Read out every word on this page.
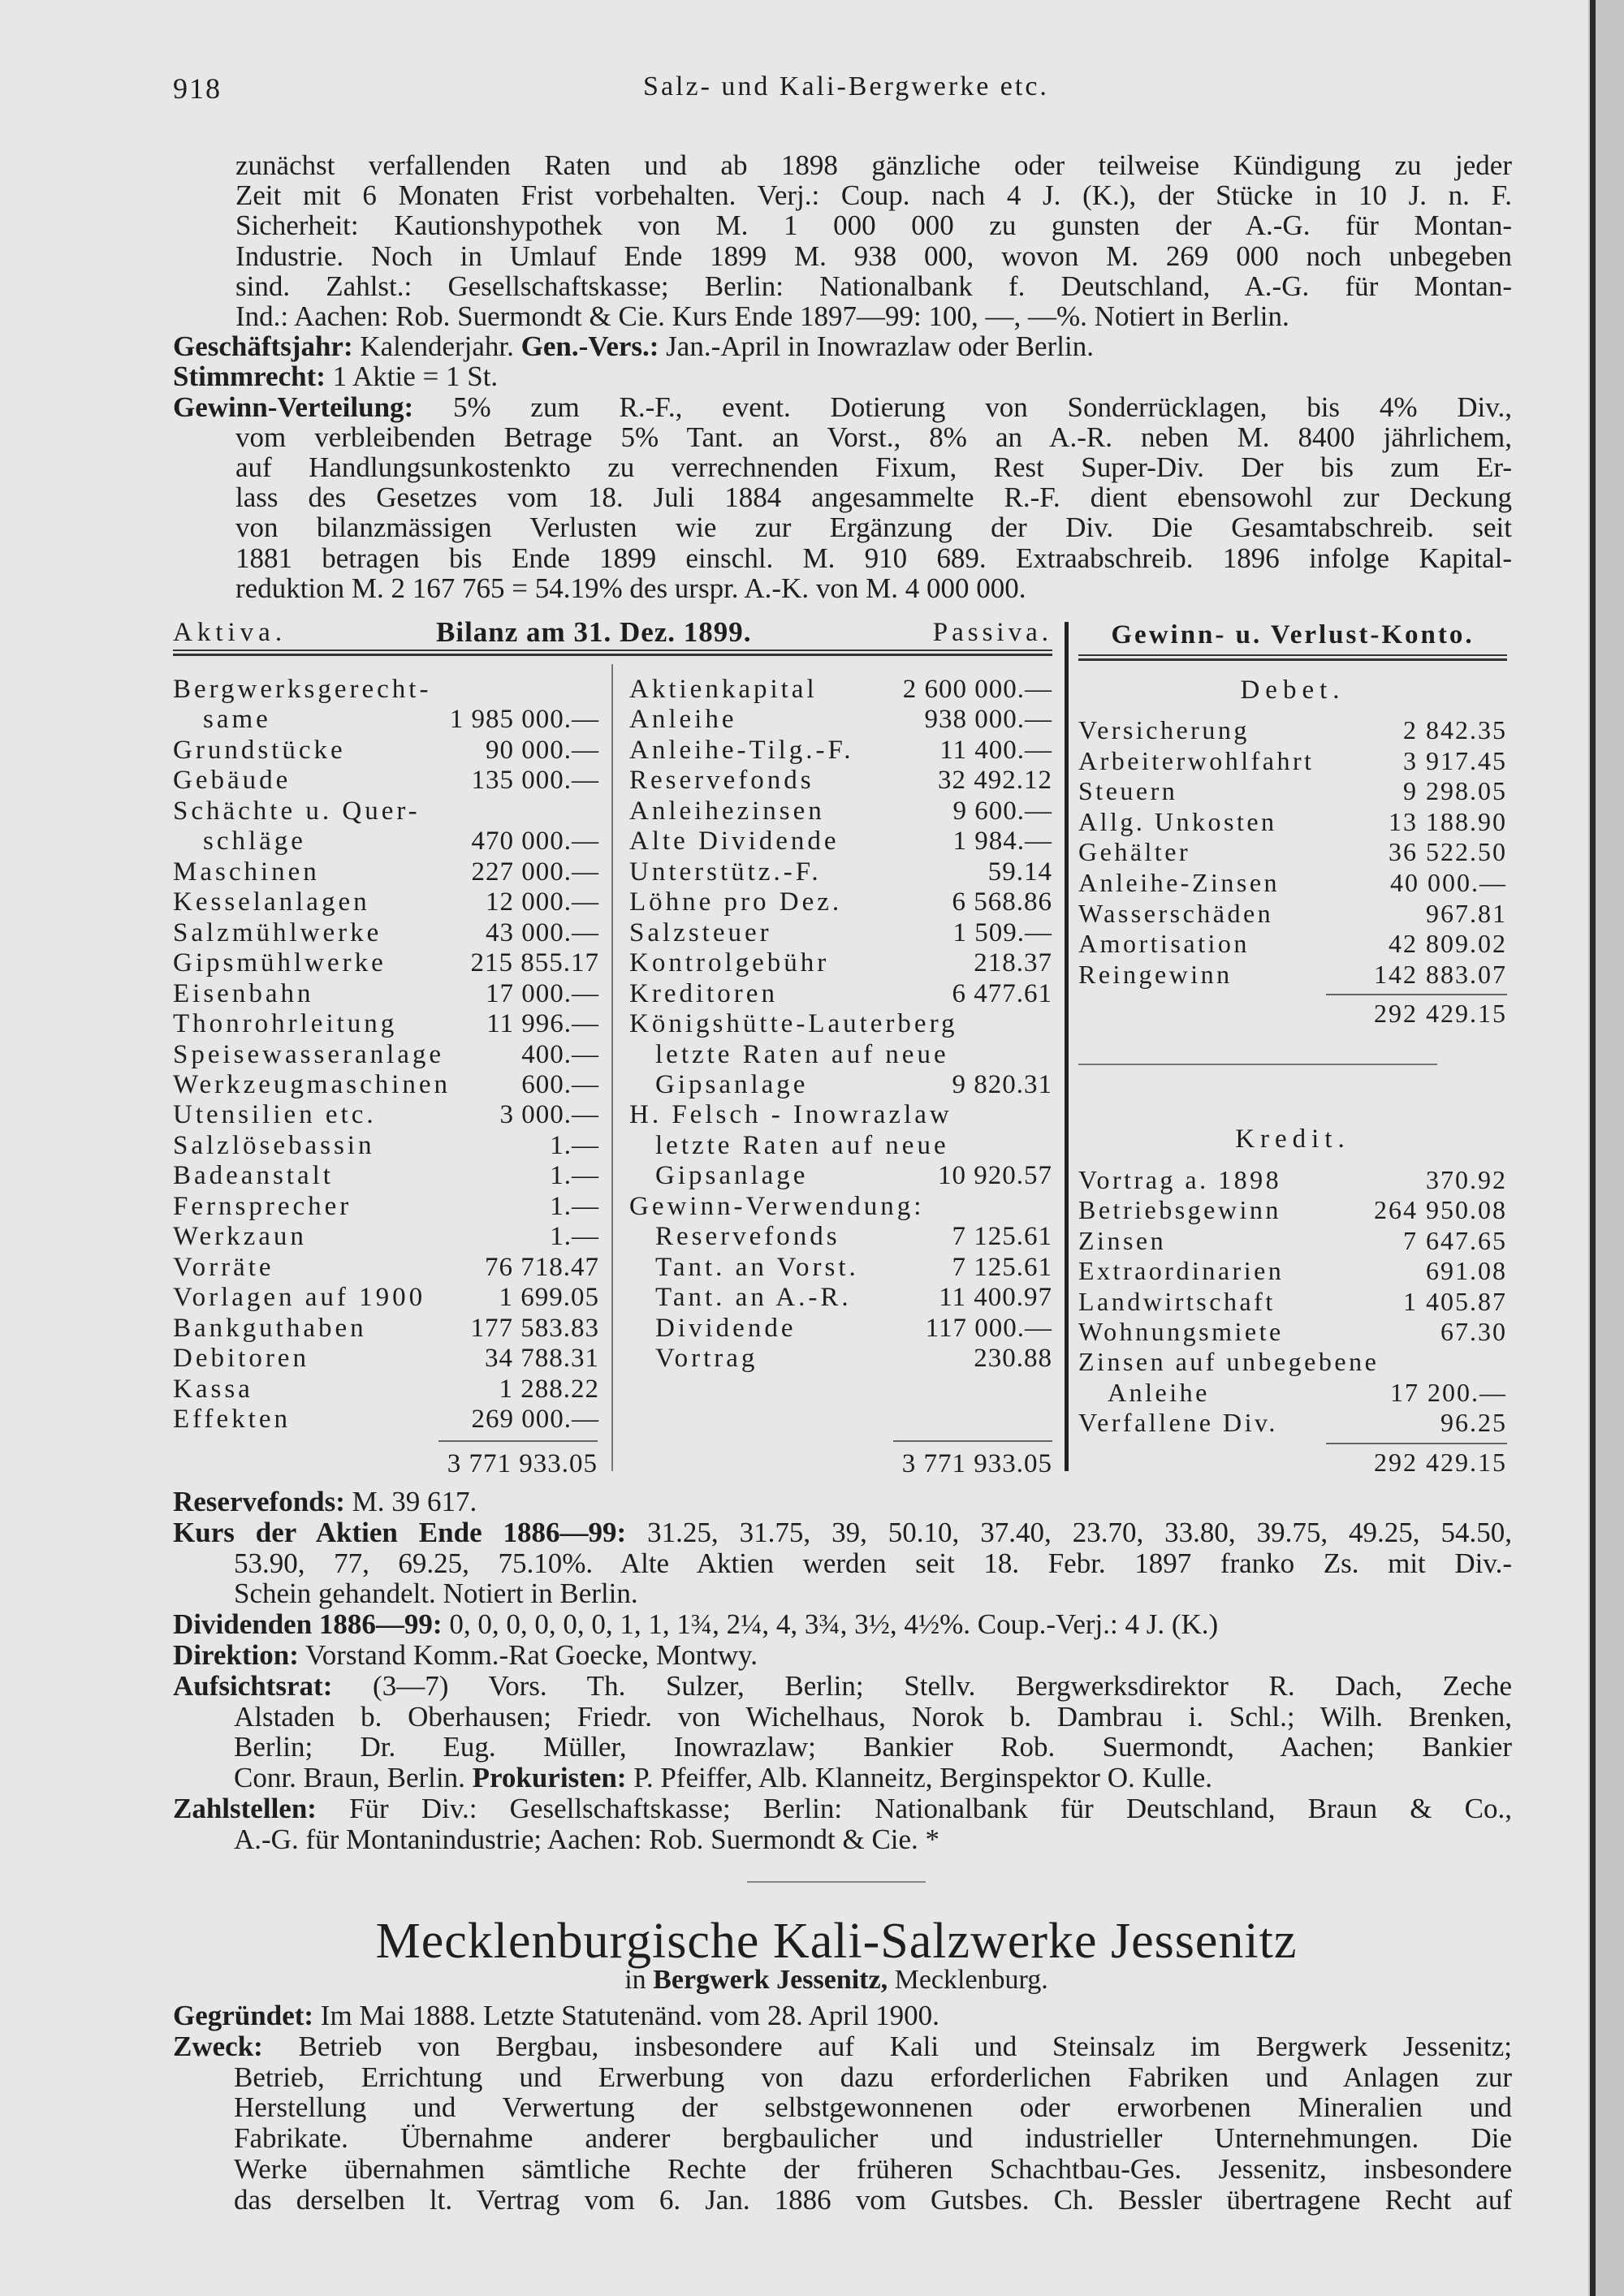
918	Salz- und Kali-Bergwerke etc.
zunächst verfallenden Raten und ab 1898 gänzliche oder teilweise Kündigung zu jeder
Zeit mit 6 Monaten Frist vorbehalten. Verj.: Coup. nach 4 J. (K.), der Stücke in 10 J. n. F.
Sicherheit: Kautionshypothek von M. 1 000 000 zu gunsten der A.-G. für Montan-
Industrie. Noch in Umlauf Ende 1899 M. 938 000, wovon M. 269 000 noch unbegeben
sind. Zahlst.: Gesellschaftskasse; Berlin: Nationalbank f. Deutschland, A.-G. für Montan-
Ind.: Aachen: Rob. Suermondt & Cie. Kurs Ende 1897—99: 100, —, —%. Notiert in Berlin.
Geschäftsjahr: Kalenderjahr. Gen.-Vers.: Jan.-April in Inowrazlaw oder Berlin.
Stimmrecht: 1 Aktie = 1 St.
Gewinn-Verteilung: 5% zum R.-F., event. Dotierung von Sonderrücklagen, bis 4% Div.,
vom verbleibenden Betrage 5% Tant. an Vorst., 8% an A.-R. neben M. 8400 jährlichem,
auf Handlungsunkostenkto zu verrechnenden Fixum, Rest Super-Div. Der bis zum Er-
lass des Gesetzes vom 18. Juli 1884 angesammelte R.-F. dient ebensowohl zur Deckung
von bilanzmässigen Verlusten wie zur Ergänzung der Div. Die Gesamtabschreib. seit
1881 betragen bis Ende 1899 einschl. M. 910 689. Extraabschreib. 1896 infolge Kapital-
reduktion M. 2 167 765 = 54.19% des urspr. A.-K. von M. 4 000 000.
Aktiva.	Bilanz am 31. Dez. 1899.	Passiva.
Bergwerksgerecht-
same	1 985 000.—
Grundstücke	90 000.—
Gebäude	135 000.—
Schächte u. Quer-
schläge	470 000.—
Maschinen	227 000.—
Kesselanlagen	12 000.—
Salzmühlwerke	43 000.—
Gipsmühlwerke	215 855.17
Eisenbahn	17 000.—
Thonrohrleitung	11 996.—
Speisewasseranlage	400.—
Werkzeugmaschinen	600.—
Utensilien etc.	3 000.—
Salzlösebassin	1.—
Badeanstalt	1.—
Fernsprecher	1.—
Werkzaun	1.—
Vorräte	76 718.47
Vorlagen auf 1900	1 699.05
Bankguthaben	177 583.83
Debitoren	34 788.31
Kassa	1 288.22
Effekten	269 000.—
Aktienkapital	2 600 000.—
Anleihe	938 000.—
Anleihe-Tilg.-F.	11 400.—
Reservefonds	32 492.12
Anleihezinsen	9 600.—
Alte Dividende	1 984.—
Unterstütz.-F.	59.14
Löhne pro Dez.	6 568.86
Salzsteuer	1 509.—
Kontrolgebühr	218.37
Kreditoren	6 477.61
Königshütte-Lauterberg
letzte Raten auf neue
Gipsanlage	9 820.31
H. Felsch - Inowrazlaw
letzte Raten auf neue
Gipsanlage	10 920.57
Gewinn-Verwendung:
Reservefonds	7 125.61
Tant. an Vorst.	7 125.61
Tant. an A.-R.	11 400.97
Dividende	117 000.—
Vortrag	230.88
3 771 933.05	3 771 933.05
Gewinn- u. Verlust-Konto.
Debet.
Versicherung	2 842.35
Arbeiterwohlfahrt	3 917.45
Steuern	9 298.05
Allg. Unkosten	13 188.90
Gehälter	36 522.50
Anleihe-Zinsen	40 000.—
Wasserschäden	967.81
Amortisation	42 809.02
Reingewinn	142 883.07
292 429.15
Kredit.
Vortrag a. 1898	370.92
Betriebsgewinn	264 950.08
Zinsen	7 647.65
Extraordinarien	691.08
Landwirtschaft	1 405.87
Wohnungsmiete	67.30
Zinsen auf unbegebene
Anleihe	17 200.—
Verfallene Div.	96.25
292 429.15
Reservefonds: M. 39 617.
Kurs der Aktien Ende 1886—99: 31.25, 31.75, 39, 50.10, 37.40, 23.70, 33.80, 39.75, 49.25, 54.50,
53.90, 77, 69.25, 75.10%. Alte Aktien werden seit 18. Febr. 1897 franko Zs. mit Div.-
Schein gehandelt. Notiert in Berlin.
Dividenden 1886—99: 0, 0, 0, 0, 0, 0, 1, 1, 1¾, 2¼, 4, 3¾, 3½, 4½%. Coup.-Verj.: 4 J. (K.)
Direktion: Vorstand Komm.-Rat Goecke, Montwy.
Aufsichtsrat: (3—7) Vors. Th. Sulzer, Berlin; Stellv. Bergwerksdirektor R. Dach, Zeche
Alstaden b. Oberhausen; Friedr. von Wichelhaus, Norok b. Dambrau i. Schl.; Wilh. Brenken,
Berlin; Dr. Eug. Müller, Inowrazlaw; Bankier Rob. Suermondt, Aachen; Bankier
Conr. Braun, Berlin. Prokuristen: P. Pfeiffer, Alb. Klanneitz, Berginspektor O. Kulle.
Zahlstellen: Für Div.: Gesellschaftskasse; Berlin: Nationalbank für Deutschland, Braun & Co.,
A.-G. für Montanindustrie; Aachen: Rob. Suermondt & Cie. *
Mecklenburgische Kali-Salzwerke Jessenitz
in Bergwerk Jessenitz, Mecklenburg.
Gegründet: Im Mai 1888. Letzte Statutenänd. vom 28. April 1900.
Zweck: Betrieb von Bergbau, insbesondere auf Kali und Steinsalz im Bergwerk Jessenitz;
Betrieb, Errichtung und Erwerbung von dazu erforderlichen Fabriken und Anlagen zur
Herstellung und Verwertung der selbstgewonnenen oder erworbenen Mineralien und
Fabrikate. Übernahme anderer bergbaulicher und industrieller Unternehmungen. Die
Werke übernahmen sämtliche Rechte der früheren Schachtbau-Ges. Jessenitz, insbesondere
das derselben lt. Vertrag vom 6. Jan. 1886 vom Gutsbes. Ch. Bessler übertragene Recht auf
